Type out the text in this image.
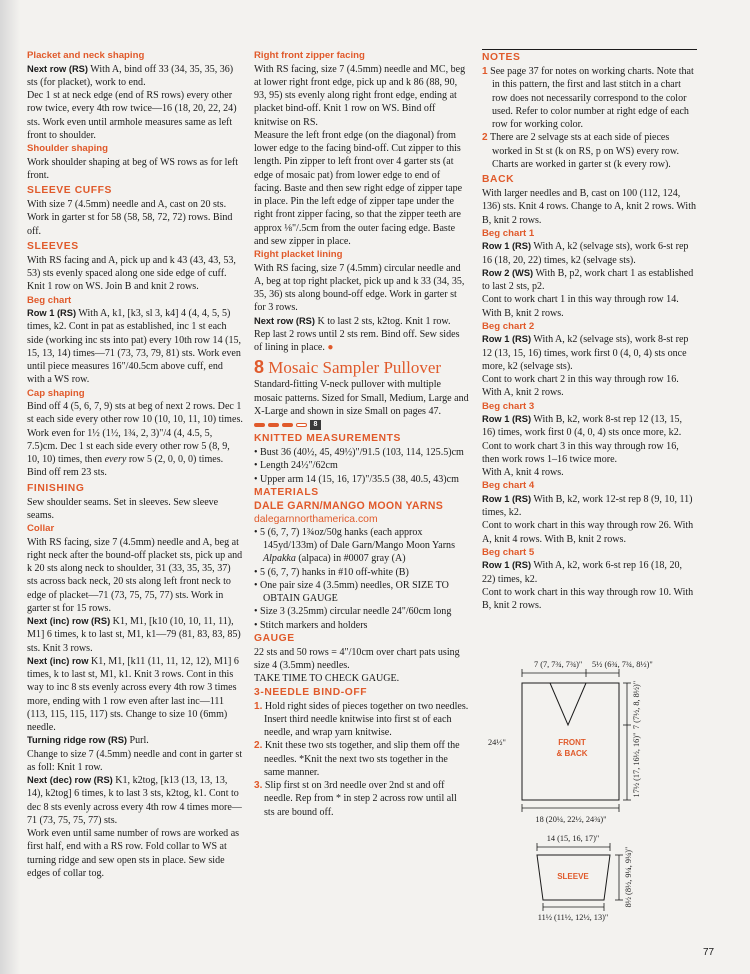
Placket and neck shaping

Next row (RS) With A, bind off 33 (34, 35, 35, 36) sts (for placket), work to end.

Dec 1 st at neck edge (end of RS rows) every other row twice, every 4th row twice—16 (18, 20, 22, 24) sts. Work even until armhole measures same as left front to shoulder.

Shoulder shaping

Work shoulder shaping at beg of WS rows as for left front.

SLEEVE CUFFS

With size 7 (4.5mm) needle and A, cast on 20 sts. Work in garter st for 58 (58, 58, 72, 72) rows. Bind off.

SLEEVES

With RS facing and A, pick up and k 43 (43, 43, 53, 53) sts evenly spaced along one side edge of cuff. Knit 1 row on WS. Join B and knit 2 rows.

Beg chart

Row 1 (RS) With A, k1, [k3, sl 3, k4] 4 (4, 4, 5, 5) times, k2. Cont in pat as established, inc 1 st each side (working inc sts into pat) every 10th row 14 (15, 15, 13, 14) times—71 (73, 73, 79, 81) sts. Work even until piece measures 16"/40.5cm above cuff, end with a WS row.

Cap shaping

Bind off 4 (5, 6, 7, 9) sts at beg of next 2 rows. Dec 1 st each side every other row 10 (10, 10, 11, 10) times. Work even for 1½ (1½, 1¾, 2, 3)"/4 (4, 4.5, 5, 7.5)cm. Dec 1 st each side every other row 5 (8, 9, 10, 10) times, then every row 5 (2, 0, 0, 0) times. Bind off rem 23 sts.

FINISHING

Sew shoulder seams. Set in sleeves. Sew sleeve seams.

Collar

With RS facing, size 7 (4.5mm) needle and A, beg at right neck after the bound-off placket sts, pick up and k 20 sts along neck to shoulder, 31 (33, 35, 35, 37) sts across back neck, 20 sts along left front neck to edge of placket—71 (73, 75, 75, 77) sts. Work in garter st for 15 rows.

Next (inc) row (RS) K1, M1, [k10 (10, 10, 11, 11), M1] 6 times, k to last st, M1, k1—79 (81, 83, 83, 85) sts. Knit 3 rows.

Next (inc) row K1, M1, [k11 (11, 11, 12, 12), M1] 6 times, k to last st, M1, k1. Knit 3 rows. Cont in this way to inc 8 sts evenly across every 4th row 3 times more, ending with 1 row even after last inc—111 (113, 115, 115, 117) sts. Change to size 10 (6mm) needle.

Turning ridge row (RS) Purl.

Change to size 7 (4.5mm) needle and cont in garter st as foll: Knit 1 row.

Next (dec) row (RS) K1, k2tog, [k13 (13, 13, 13, 14), k2tog] 6 times, k to last 3 sts, k2tog, k1. Cont to dec 8 sts evenly across every 4th row 4 times more—71 (73, 75, 75, 77) sts.

Work even until same number of rows are worked as first half, end with a RS row. Fold collar to WS at turning ridge and sew open sts in place. Sew side edges of collar tog.

Right front zipper facing

With RS facing, size 7 (4.5mm) needle and MC, beg at lower right front edge, pick up and k 86 (88, 90, 93, 95) sts evenly along right front edge, ending at placket bind-off. Knit 1 row on WS. Bind off knitwise on RS.

Measure the left front edge (on the diagonal) from lower edge to the facing bind-off. Cut zipper to this length. Pin zipper to left front over 4 garter sts (at edge of mosaic pat) from lower edge to end of facing. Baste and then sew right edge of zipper tape in place. Pin the left edge of zipper tape under the right front zipper facing, so that the zipper teeth are approx ⅛"/.5cm from the outer facing edge. Baste and sew zipper in place.

Right placket lining

With RS facing, size 7 (4.5mm) circular needle and A, beg at top right placket, pick up and k 33 (34, 35, 35, 36) sts along bound-off edge. Work in garter st for 3 rows.

Next row (RS) K to last 2 sts, k2tog. Knit 1 row. Rep last 2 rows until 2 sts rem. Bind off. Sew sides of lining in place. ●

8 Mosaic Sampler Pullover

Standard-fitting V-neck pullover with multiple mosaic patterns. Sized for Small, Medium, Large and X-Large and shown in size Small on pages 47.

8
KNITTED MEASUREMENTS
• Bust 36 (40½, 45, 49½)"/91.5 (103, 114, 125.5)cm
• Length 24½"/62cm
• Upper arm 14 (15, 16, 17)"/35.5 (38, 40.5, 43)cm
MATERIALS
DALE GARN/MANGO MOON YARNS
dalegarnnorthamerica.com
• 5 (6, 7, 7) 1¾oz/50g hanks (each approx 145yd/133m) of Dale Garn/Mango Moon Yarns Alpakka (alpaca) in #0007 gray (A)
• 5 (6, 7, 7) hanks in #10 off-white (B)
• One pair size 4 (3.5mm) needles, OR SIZE TO OBTAIN GAUGE
• Size 3 (3.25mm) circular needle 24"/60cm long
• Stitch markers and holders
GAUGE

22 sts and 50 rows = 4"/10cm over chart pats using size 4 (3.5mm) needles.

TAKE TIME TO CHECK GAUGE.

3-NEEDLE BIND-OFF
1. Hold right sides of pieces together on two needles. Insert third needle knitwise into first st of each needle, and wrap yarn knitwise.
2. Knit these two sts together, and slip them off the needles. *Knit the next two sts together in the same manner.
3. Slip first st on 3rd needle over 2nd st and off needle. Rep from * in step 2 across row until all sts are bound off.
NOTES
1 See page 37 for notes on working charts. Note that in this pattern, the first and last stitch in a chart row does not necessarily correspond to the color used. Refer to color number at right edge of each row for working color.
2 There are 2 selvage sts at each side of pieces worked in St st (k on RS, p on WS) every row. Charts are worked in garter st (k every row).
BACK

With larger needles and B, cast on 100 (112, 124, 136) sts. Knit 4 rows. Change to A, knit 2 rows. With B, knit 2 rows.

Beg chart 1

Row 1 (RS) With A, k2 (selvage sts), work 6-st rep 16 (18, 20, 22) times, k2 (selvage sts).

Row 2 (WS) With B, p2, work chart 1 as established to last 2 sts, p2.

Cont to work chart 1 in this way through row 14. With B, knit 2 rows.

Beg chart 2

Row 1 (RS) With A, k2 (selvage sts), work 8-st rep 12 (13, 15, 16) times, work first 0 (4, 0, 4) sts once more, k2 (selvage sts).

Cont to work chart 2 in this way through row 16. With A, knit 2 rows.

Beg chart 3

Row 1 (RS) With B, k2, work 8-st rep 12 (13, 15, 16) times, work first 0 (4, 0, 4) sts once more, k2. Cont to work chart 3 in this way through row 16, then work rows 1–16 twice more.

With A, knit 4 rows.

Beg chart 4

Row 1 (RS) With B, k2, work 12-st rep 8 (9, 10, 11) times, k2.

Cont to work chart in this way through row 26. With A, knit 4 rows. With B, knit 2 rows.

Beg chart 5

Row 1 (RS) With A, k2, work 6-st rep 16 (18, 20, 22) times, k2.

Cont to work chart in this way through row 10. With B, knit 2 rows.

7 (7, 7¾, 7¾)" 5½ (6¾, 7¾, 8½)"
24½"
7 (7½, 8, 8½)"
17½ (17, 16½, 16)"
FRONT
& BACK
18 (20¼, 22½, 24¾)"
14 (15, 16, 17)"
SLEEVE	8½ (8½, 9¼, 9¼)"
11½ (11½, 12½, 13)"
77
